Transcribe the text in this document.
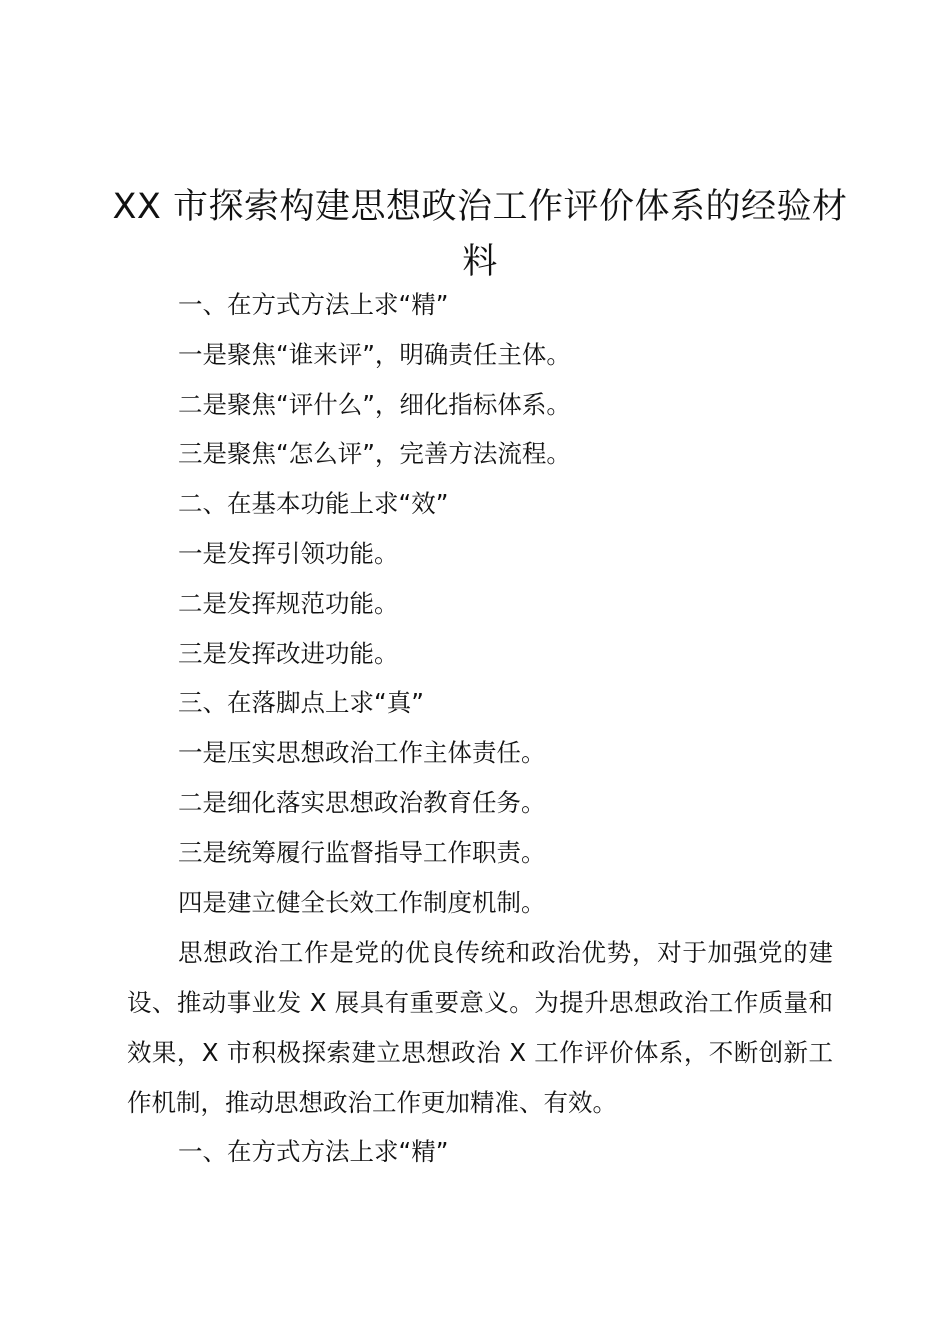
XX 市探索构建思想政治工作评价体系的经验材料
一、在方式方法上求“精”
一是聚焦“谁来评”，明确责任主体。
二是聚焦“评什么”，细化指标体系。
三是聚焦“怎么评”，完善方法流程。
二、在基本功能上求“效”
一是发挥引领功能。
二是发挥规范功能。
三是发挥改进功能。
三、在落脚点上求“真”
一是压实思想政治工作主体责任。
二是细化落实思想政治教育任务。
三是统筹履行监督指导工作职责。
四是建立健全长效工作制度机制。

思想政治工作是党的优良传统和政治优势，对于加强党的建设、推动事业发 X 展具有重要意义。为提升思想政治工作质量和效果，X 市积极探索建立思想政治 X 工作评价体系，不断创新工作机制，推动思想政治工作更加精准、有效。

一、在方式方法上求“精”
